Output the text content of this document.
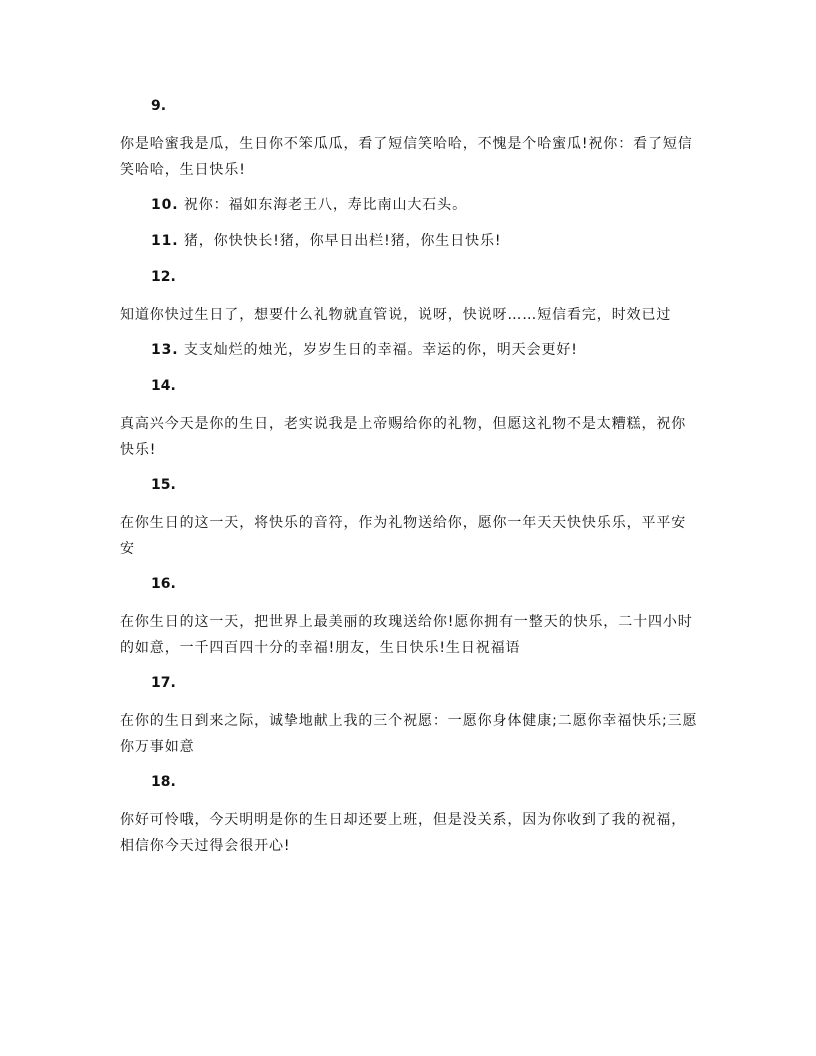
9.

你是哈蜜我是瓜，生日你不笨瓜瓜，看了短信笑哈哈，不愧是个哈蜜瓜!祝你：看了短信笑哈哈，生日快乐!

10. 祝你：福如东海老王八，寿比南山大石头。
11. 猪，你快快长!猪，你早日出栏!猪，你生日快乐!
12.

知道你快过生日了，想要什么礼物就直管说，说呀，快说呀……短信看完，时效已过

13. 支支灿烂的烛光，岁岁生日的幸福。幸运的你，明天会更好!
14.

真高兴今天是你的生日，老实说我是上帝赐给你的礼物，但愿这礼物不是太糟糕，祝你快乐!

15.

在你生日的这一天，将快乐的音符，作为礼物送给你，愿你一年天天快快乐乐，平平安安

16.

在你生日的这一天，把世界上最美丽的玫瑰送给你!愿你拥有一整天的快乐，二十四小时的如意，一千四百四十分的幸福!朋友，生日快乐!生日祝福语

17.

在你的生日到来之际，诚挚地献上我的三个祝愿：一愿你身体健康;二愿你幸福快乐;三愿你万事如意

18.

你好可怜哦，今天明明是你的生日却还要上班，但是没关系，因为你收到了我的祝福，相信你今天过得会很开心!
